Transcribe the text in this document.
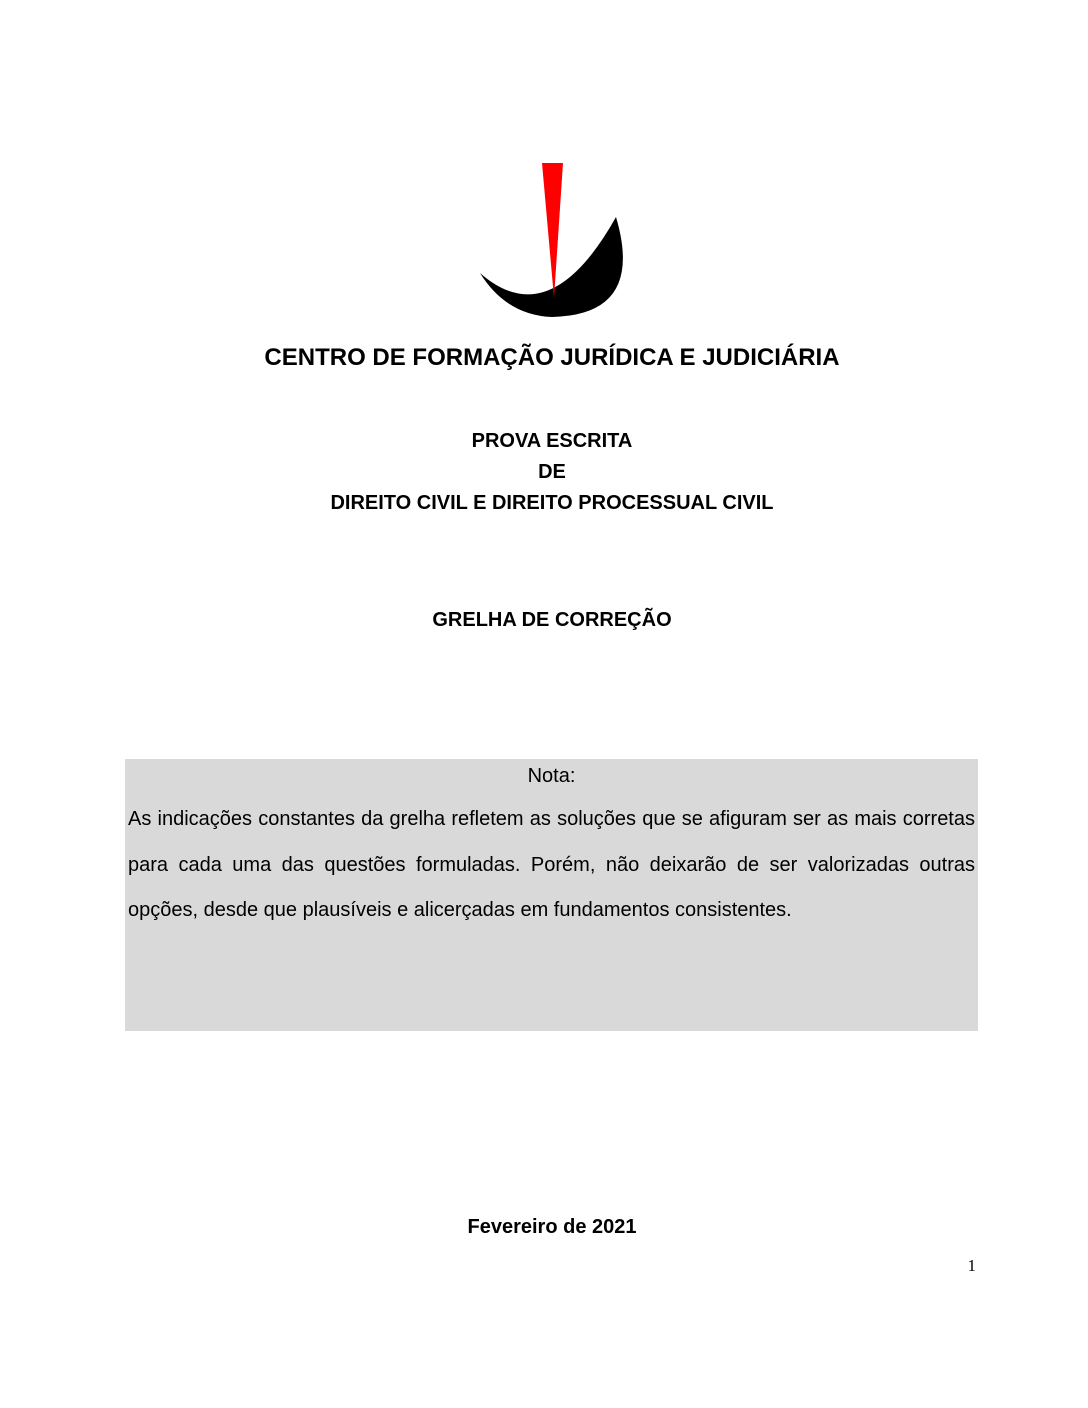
CENTRO DE FORMAÇÃO JURÍDICA E JUDICIÁRIA
PROVA ESCRITA
DE
DIREITO CIVIL E DIREITO PROCESSUAL CIVIL
GRELHA DE CORREÇÃO

Nota:

As indicações constantes da grelha refletem as soluções que se afiguram ser as mais corretas para cada uma das questões formuladas. Porém, não deixarão de ser valorizadas outras opções, desde que plausíveis e alicerçadas em fundamentos consistentes.

Fevereiro de 2021
1
